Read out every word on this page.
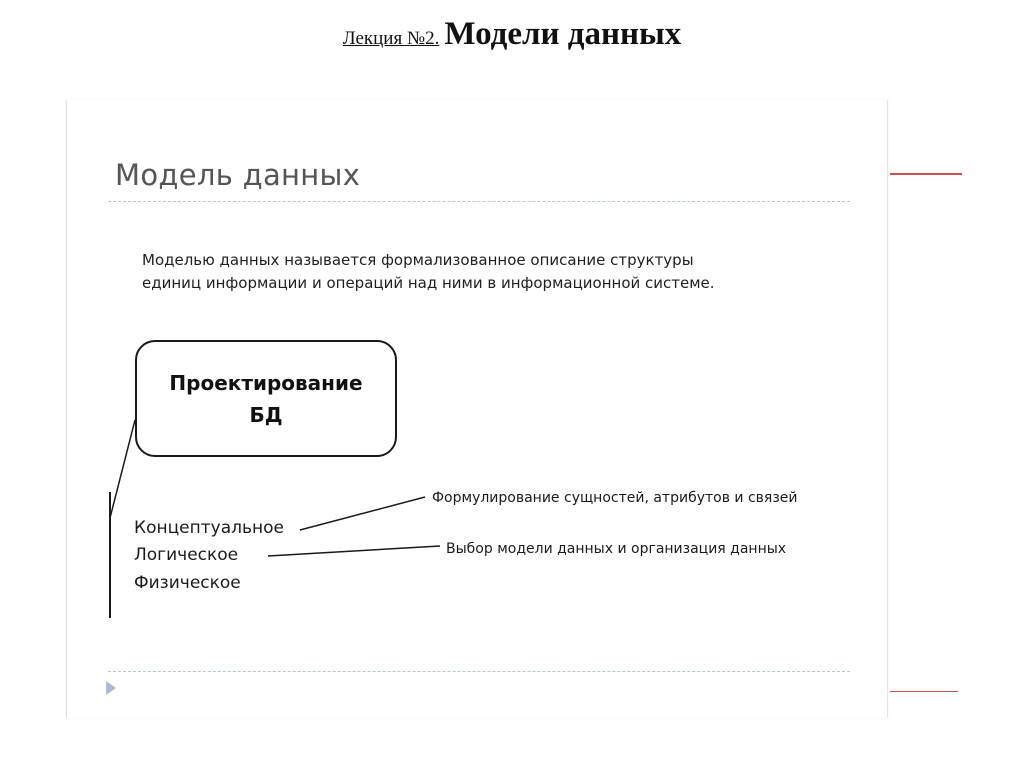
Лекция №2. Модели данных
Модель данных
Моделью данных называется формализованное описание структуры
единиц информации и операций над ними в информационной системе.
Проектирование
БД
Концептуальное
Логическое
Физическое
Формулирование сущностей, атрибутов и связей
Выбор модели данных и организация данных
